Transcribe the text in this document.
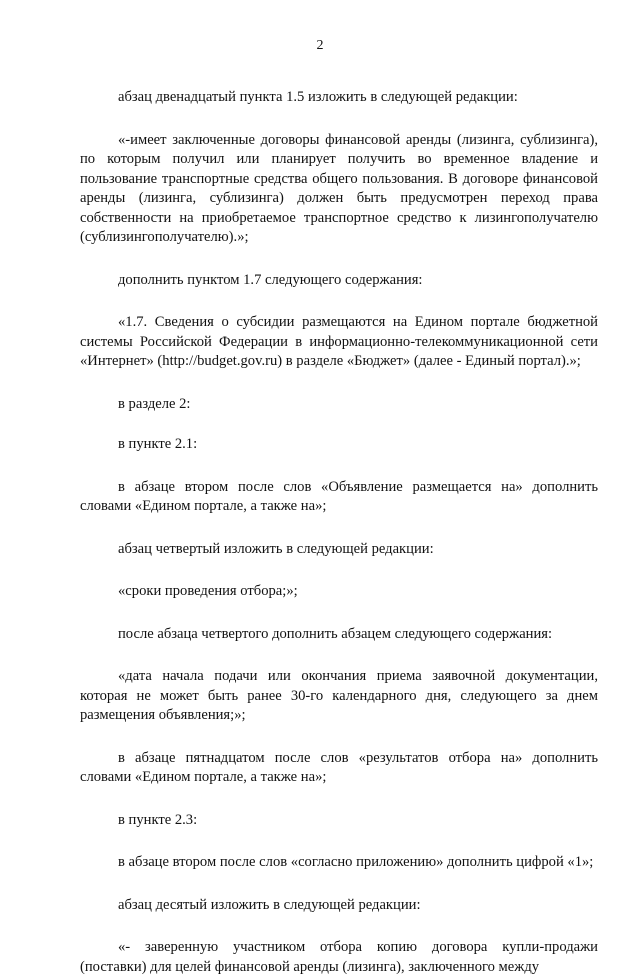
2

абзац двенадцатый пункта 1.5 изложить в следующей редакции:

«-имеет заключенные договоры финансовой аренды (лизинга, сублизинга), по которым получил или планирует получить во временное владение и пользование транспортные средства общего пользования. В договоре финансовой аренды (лизинга, сублизинга) должен быть предусмотрен переход права собственности на приобретаемое транспортное средство к лизингополучателю (сублизингополучателю).»;

дополнить пунктом 1.7 следующего содержания:

«1.7. Сведения о субсидии размещаются на Едином портале бюджетной системы Российской Федерации в информационно-телекоммуникационной сети «Интернет» (http://budget.gov.ru) в разделе «Бюджет» (далее - Единый портал).»;

в разделе 2:

в пункте 2.1:

в абзаце втором после слов «Объявление размещается на» дополнить словами «Едином портале, а также на»;

абзац четвертый изложить в следующей редакции:

«сроки проведения отбора;»;

после абзаца четвертого дополнить абзацем следующего содержания:

«дата начала подачи или окончания приема заявочной документации, которая не может быть ранее 30-го календарного дня, следующего за днем размещения объявления;»;

в абзаце пятнадцатом после слов «результатов отбора на» дополнить словами «Едином портале, а также на»;

в пункте 2.3:

в абзаце втором после слов «согласно приложению» дополнить цифрой «1»;

абзац десятый изложить в следующей редакции:

«- заверенную участником отбора копию договора купли-продажи (поставки) для целей финансовой аренды (лизинга), заключенного между
